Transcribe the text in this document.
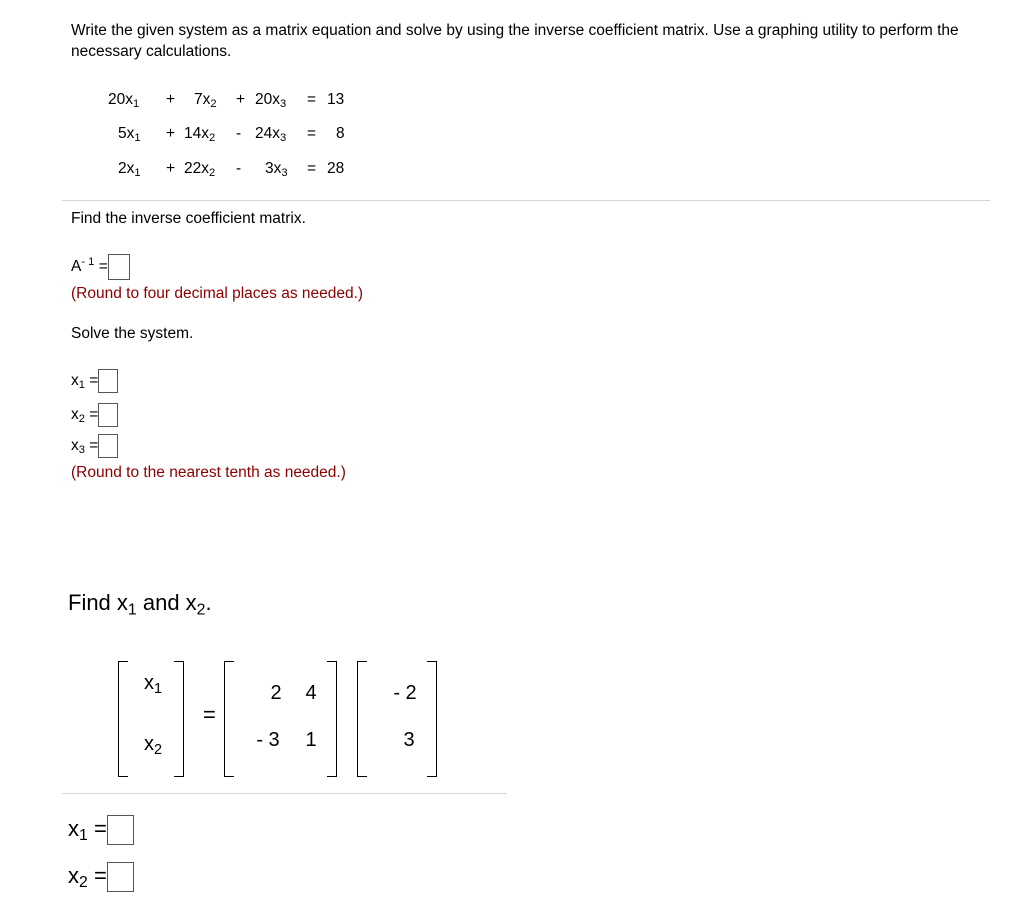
Write the given system as a matrix equation and solve by using the inverse coefficient matrix. Use a graphing utility to perform the necessary calculations.
$20x_1 + 7x_2 + 20x_3 = 13$
$5x_1 + 14x_2 - 24x_3 = 8$
$2x_1 + 22x_2 - 3x_3 = 28$
Find the inverse coefficient matrix.
$A^{- 1}$ =
(Round to four decimal places as needed.)
Solve the system.
$x_1$ =
$x_2$ =
$x_3$ =
(Round to the nearest tenth as needed.)
Find $x_1$ and $x_2$.
$x_1$
$x_2$
=
2	4
- 3	1
- 2
3
$x_1$ =
$x_2$ =
